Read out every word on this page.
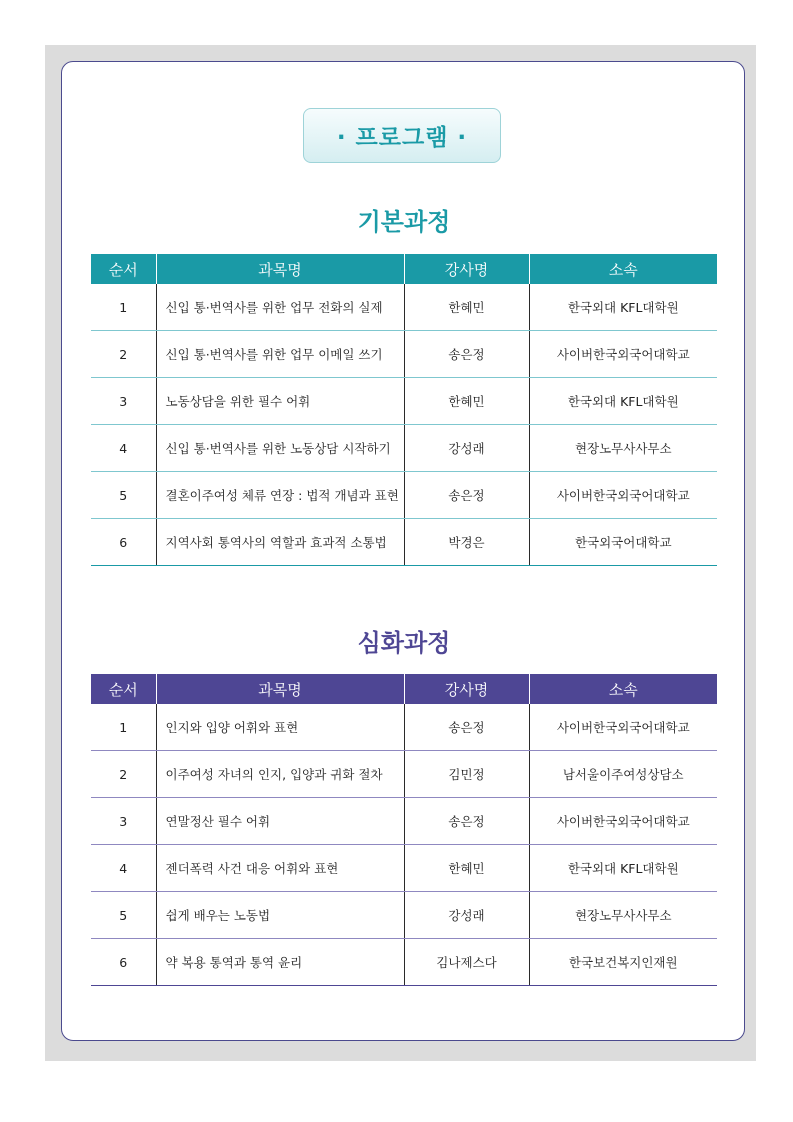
· 프로그램 ·
기본과정
순서	과목명	강사명	소속
1	신입 통·번역사를 위한 업무 전화의 실제	한혜민	한국외대 KFL대학원
2	신입 통·번역사를 위한 업무 이메일 쓰기	송은정	사이버한국외국어대학교
3	노동상담을 위한 필수 어휘	한혜민	한국외대 KFL대학원
4	신입 통·번역사를 위한 노동상담 시작하기	강성래	현장노무사사무소
5	결혼이주여성 체류 연장 : 법적 개념과 표현	송은정	사이버한국외국어대학교
6	지역사회 통역사의 역할과 효과적 소통법	박경은	한국외국어대학교
심화과정
순서	과목명	강사명	소속
1	인지와 입양 어휘와 표현	송은정	사이버한국외국어대학교
2	이주여성 자녀의 인지, 입양과 귀화 절차	김민정	남서울이주여성상담소
3	연말정산 필수 어휘	송은정	사이버한국외국어대학교
4	젠더폭력 사건 대응 어휘와 표현	한혜민	한국외대 KFL대학원
5	쉽게 배우는 노동법	강성래	현장노무사사무소
6	약 복용 통역과 통역 윤리	김나제스다	한국보건복지인재원
